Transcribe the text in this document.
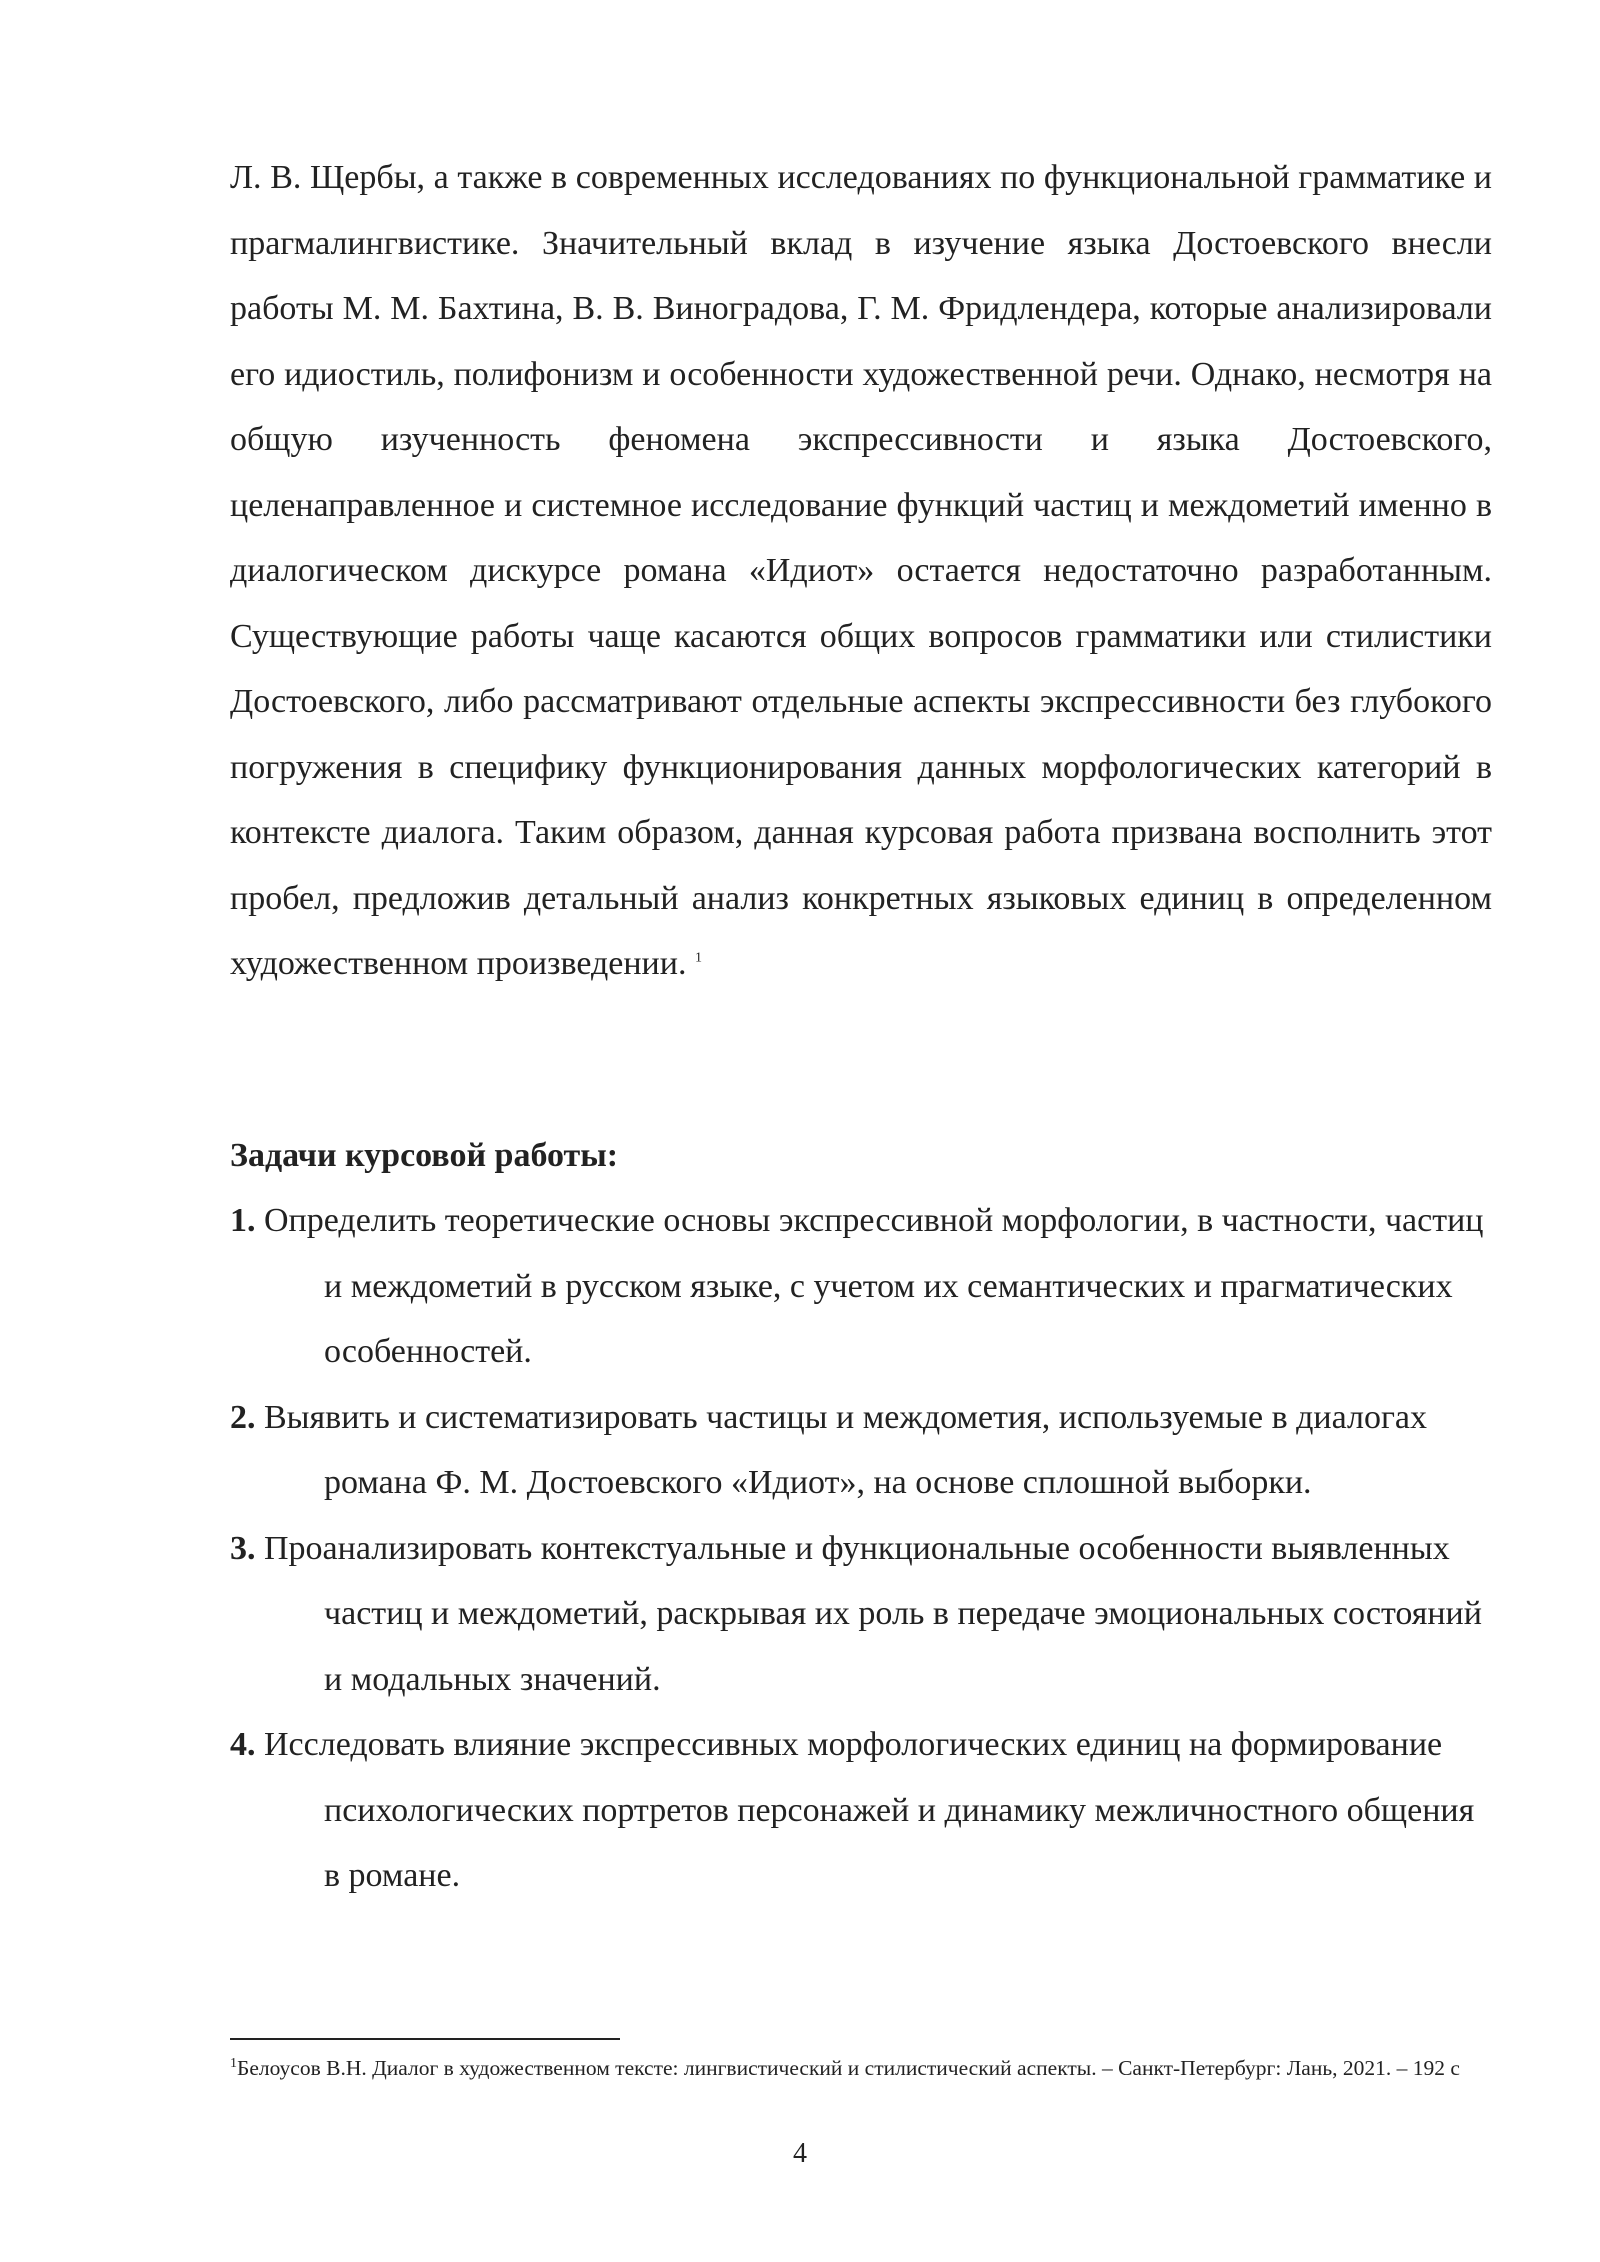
Л. В. Щербы, а также в современных исследованиях по функциональной грамматике и прагмалингвистике. Значительный вклад в изучение языка Достоевского внесли работы М. М. Бахтина, В. В. Виноградова, Г. М. Фридлендера, которые анализировали его идиостиль, полифонизм и особенности художественной речи. Однако, несмотря на общую изученность феномена экспрессивности и языка Достоевского, целенаправленное и системное исследование функций частиц и междометий именно в диалогическом дискурсе романа «Идиот» остается недостаточно разработанным. Существующие работы чаще касаются общих вопросов грамматики или стилистики Достоевского, либо рассматривают отдельные аспекты экспрессивности без глубокого погружения в специфику функционирования данных морфологических категорий в контексте диалога. Таким образом, данная курсовая работа призвана восполнить этот пробел, предложив детальный анализ конкретных языковых единиц в определенном художественном произведении. $^1$

Задачи курсовой работы:

1. Определить теоретические основы экспрессивной морфологии, в частности, частиц и междометий в русском языке, с учетом их семантических и прагматических особенностей.
2. Выявить и систематизировать частицы и междометия, используемые в диалогах романа Ф. М. Достоевского «Идиот», на основе сплошной выборки.
3. Проанализировать контекстуальные и функциональные особенности выявленных частиц и междометий, раскрывая их роль в передаче эмоциональных состояний и модальных значений.
4. Исследовать влияние экспрессивных морфологических единиц на формирование психологических портретов персонажей и динамику межличностного общения в романе.

$^1$Белоусов В.Н. Диалог в художественном тексте: лингвистический и стилистический аспекты. – Санкт-Петербург: Лань, 2021. – 192 с

4
